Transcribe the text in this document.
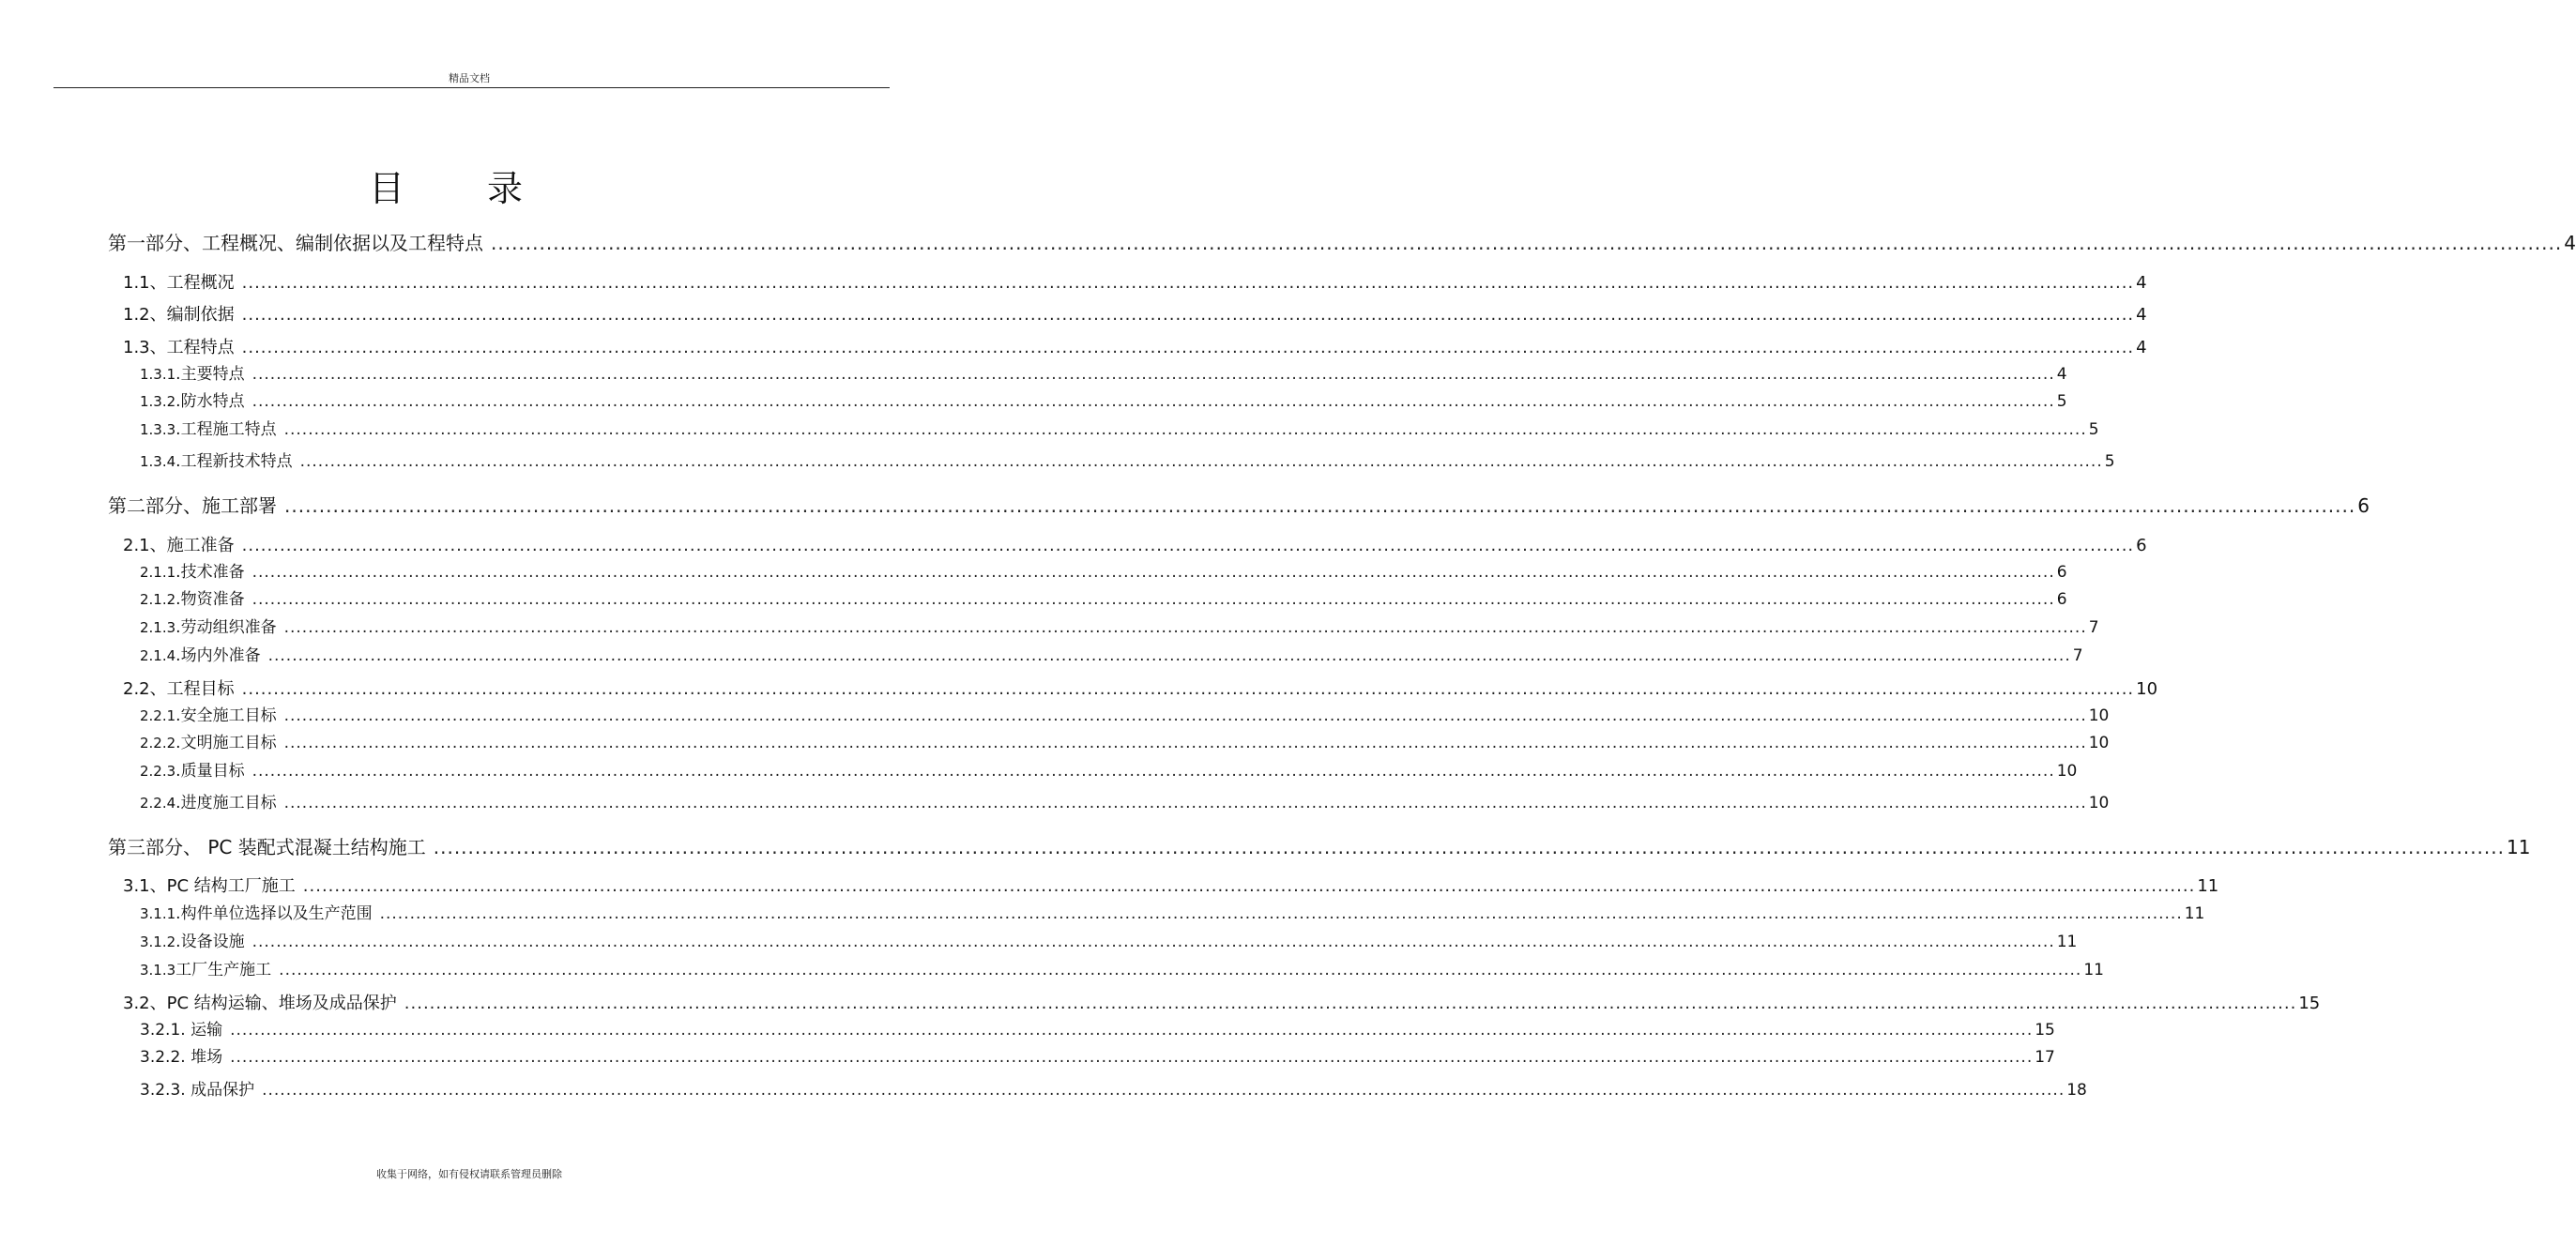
精品文档
目录
第一部分、工程概况、编制依据以及工程特点 ............................................................................................................................................................................................................................................................................................................ 4
1.1、 工程概况 ............................................................................................................................................................................................................................................................................................................ 4
1.2、 编制依据 ............................................................................................................................................................................................................................................................................................................ 4
1.3、 工程特点 ............................................................................................................................................................................................................................................................................................................ 4
1.3.1 .主要特点 ............................................................................................................................................................................................................................................................................................................ 4
1.3.2 .防水特点 ............................................................................................................................................................................................................................................................................................................ 5
1.3.3 .工程施工特点 ............................................................................................................................................................................................................................................................................................................ 5
1.3.4 .工程新技术特点 ............................................................................................................................................................................................................................................................................................................ 5
第二部分、施工部署 ............................................................................................................................................................................................................................................................................................................ 6
2.1、 施工准备 ............................................................................................................................................................................................................................................................................................................ 6
2.1.1 .技术准备 ............................................................................................................................................................................................................................................................................................................ 6
2.1.2 .物资准备 ............................................................................................................................................................................................................................................................................................................ 6
2.1.3 .劳动组织准备 ............................................................................................................................................................................................................................................................................................................ 7
2.1.4 .场内外准备 ............................................................................................................................................................................................................................................................................................................ 7
2.2、 工程目标 ............................................................................................................................................................................................................................................................................................................ 10
2.2.1 .安全施工目标 ............................................................................................................................................................................................................................................................................................................ 10
2.2.2 .文明施工目标 ............................................................................................................................................................................................................................................................................................................ 10
2.2.3 .质量目标 ............................................................................................................................................................................................................................................................................................................ 10
2.2.4 .进度施工目标 ............................................................................................................................................................................................................................................................................................................ 10
第三部分、 PC 装配式混凝土结构施工 ............................................................................................................................................................................................................................................................................................................ 11
3.1、 PC 结构工厂施工 ............................................................................................................................................................................................................................................................................................................ 11
3.1.1 .构件单位选择以及生产范围 ............................................................................................................................................................................................................................................................................................................ 11
3.1.2 .设备设施 ............................................................................................................................................................................................................................................................................................................ 11
3.1.3 工厂生产施工 ............................................................................................................................................................................................................................................................................................................ 11
3.2、 PC 结构运输、堆场及成品保护 ............................................................................................................................................................................................................................................................................................................ 15
3.2.1. 运输 ............................................................................................................................................................................................................................................................................................................ 15
3.2.2. 堆场 ............................................................................................................................................................................................................................................................................................................ 17
3.2.3. 成品保护 ............................................................................................................................................................................................................................................................................................................ 18
收集于网络，如有侵权请联系管理员删除
